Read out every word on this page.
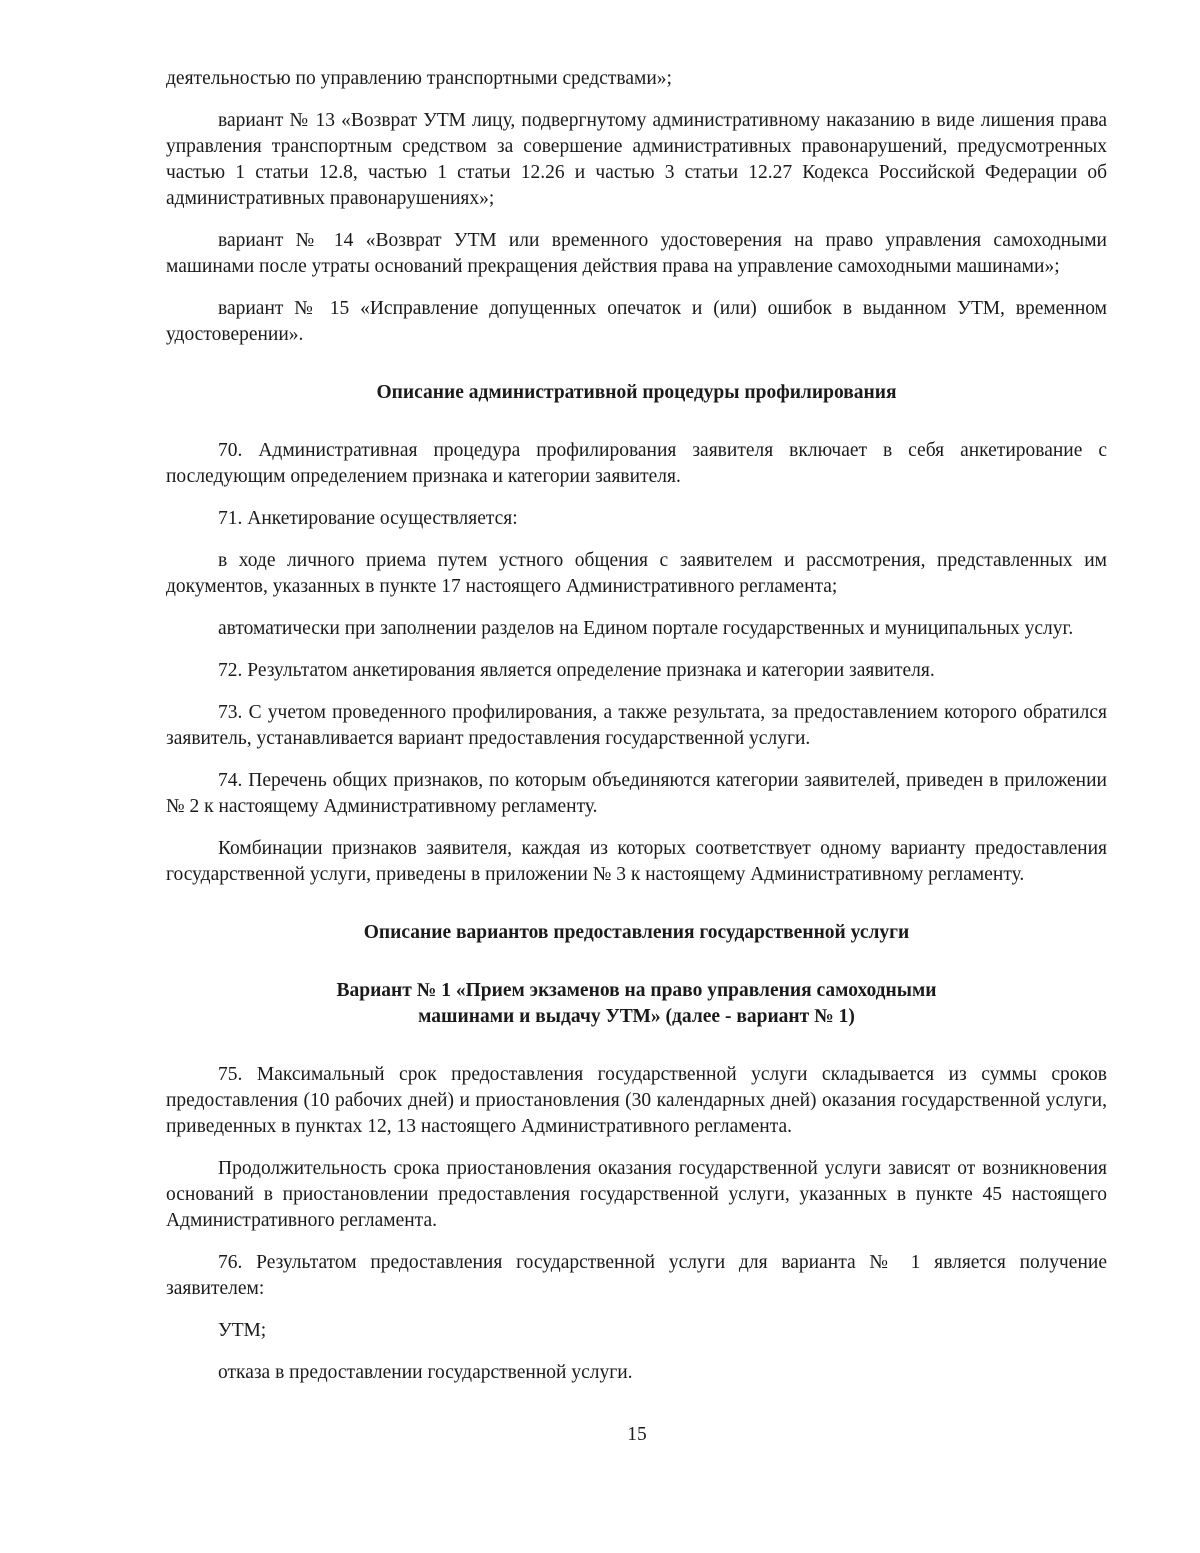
деятельностью по управлению транспортными средствами»;

вариант № 13 «Возврат УТМ лицу, подвергнутому административному наказанию в виде лишения права управления транспортным средством за совершение административных правонарушений, предусмотренных частью 1 статьи 12.8, частью 1 статьи 12.26 и частью 3 статьи 12.27 Кодекса Российской Федерации об административных правонарушениях»;

вариант № 14 «Возврат УТМ или временного удостоверения на право управления самоходными машинами после утраты оснований прекращения действия права на управление самоходными машинами»;

вариант № 15 «Исправление допущенных опечаток и (или) ошибок в выданном УТМ, временном удостоверении».

Описание административной процедуры профилирования

70. Административная процедура профилирования заявителя включает в себя анкетирование с последующим определением признака и категории заявителя.

71. Анкетирование осуществляется:

в ходе личного приема путем устного общения с заявителем и рассмотрения, представленных им документов, указанных в пункте 17 настоящего Административного регламента;

автоматически при заполнении разделов на Едином портале государственных и муниципальных услуг.

72. Результатом анкетирования является определение признака и категории заявителя.

73. С учетом проведенного профилирования, а также результата, за предоставлением которого обратился заявитель, устанавливается вариант предоставления государственной услуги.

74. Перечень общих признаков, по которым объединяются категории заявителей, приведен в приложении № 2 к настоящему Административному регламенту.

Комбинации признаков заявителя, каждая из которых соответствует одному варианту предоставления государственной услуги, приведены в приложении № 3 к настоящему Административному регламенту.

Описание вариантов предоставления государственной услуги
Вариант № 1 «Прием экзаменов на право управления самоходными машинами и выдачу УТМ» (далее - вариант № 1)

75. Максимальный срок предоставления государственной услуги складывается из суммы сроков предоставления (10 рабочих дней) и приостановления (30 календарных дней) оказания государственной услуги, приведенных в пунктах 12, 13 настоящего Административного регламента.

Продолжительность срока приостановления оказания государственной услуги зависят от возникновения оснований в приостановлении предоставления государственной услуги, указанных в пункте 45 настоящего Административного регламента.

76. Результатом предоставления государственной услуги для варианта № 1 является получение заявителем:

УТМ;

отказа в предоставлении государственной услуги.

15
